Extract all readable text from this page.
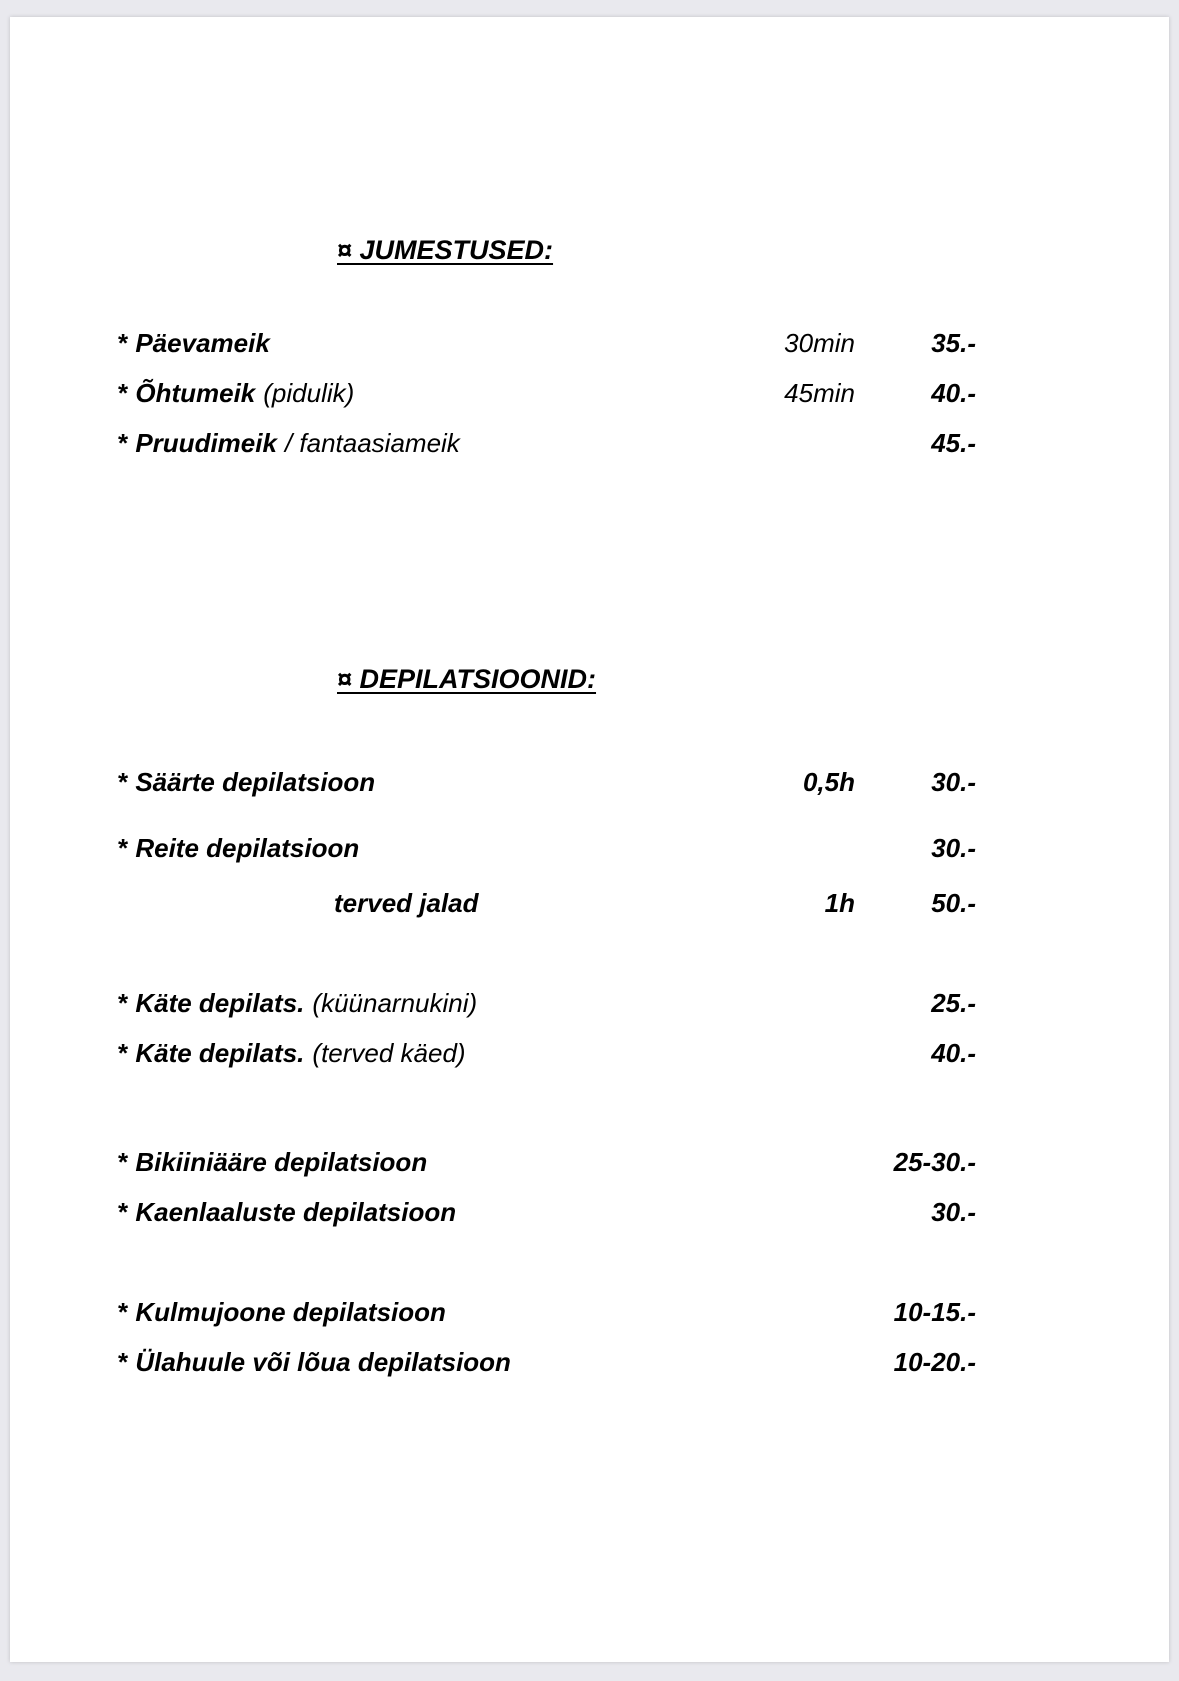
¤ JUMESTUSED:
* Päevameik	30min	35.-
* Õhtumeik (pidulik)	45min	40.-
* Pruudimeik / fantaasiameik	45.-
¤ DEPILATSIOONID:
* Säärte depilatsioon	0,5h	30.-
* Reite depilatsioon	30.-
terved jalad	1h	50.-
* Käte depilats. (küünarnukini)	25.-
* Käte depilats. (terved käed)	40.-
* Bikiiniääre depilatsioon	25-30.-
* Kaenlaaluste depilatsioon	30.-
* Kulmujoone depilatsioon	10-15.-
* Ülahuule või lõua depilatsioon	10-20.-
